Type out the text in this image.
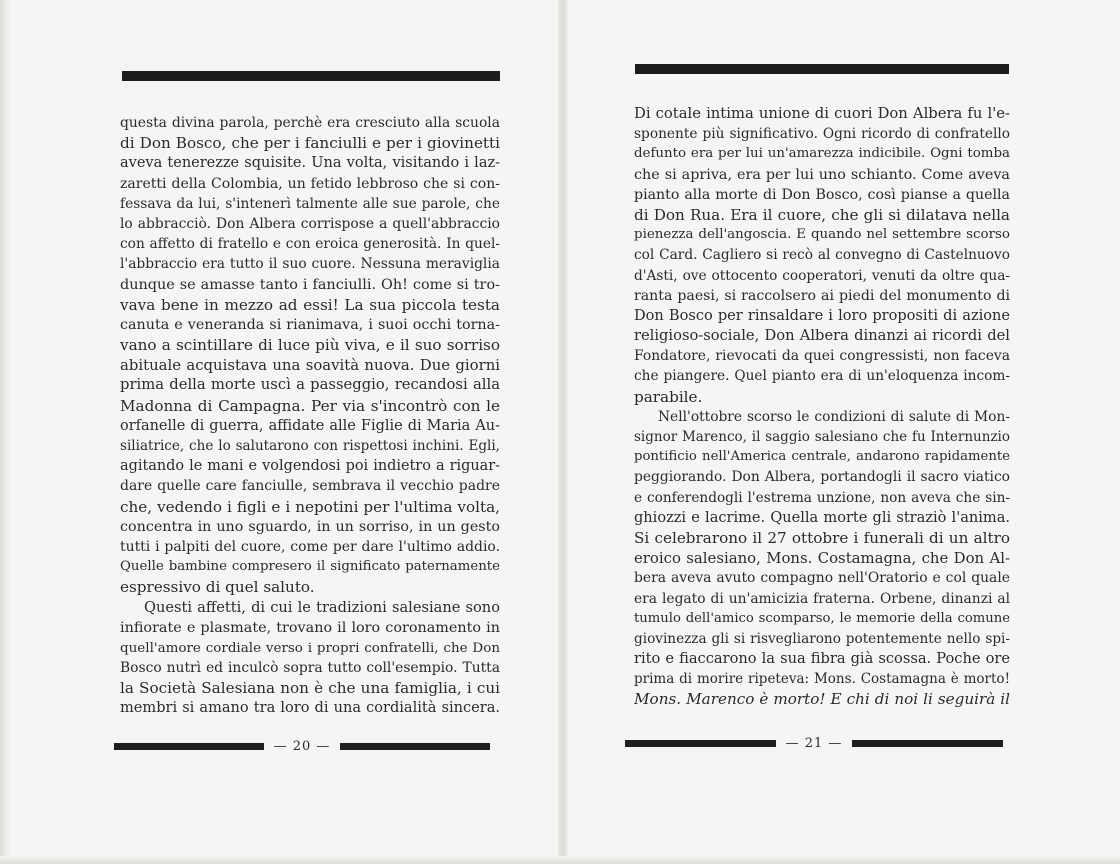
questa divina parola, perchè era cresciuto alla scuola
di Don Bosco, che per i fanciulli e per i giovinetti
aveva tenerezze squisite. Una volta, visitando i laz-
zaretti della Colombia, un fetido lebbroso che si con-
fessava da lui, s'intenerì talmente alle sue parole, che
lo abbracciò. Don Albera corrispose a quell'abbraccio
con affetto di fratello e con eroica generosità. In quel-
l'abbraccio era tutto il suo cuore. Nessuna meraviglia
dunque se amasse tanto i fanciulli. Oh! come si tro-
vava bene in mezzo ad essi! La sua piccola testa
canuta e veneranda si rianimava, i suoi occhi torna-
vano a scintillare di luce più viva, e il suo sorriso
abituale acquistava una soavità nuova. Due giorni
prima della morte uscì a passeggio, recandosi alla
Madonna di Campagna. Per via s'incontrò con le
orfanelle di guerra, affidate alle Figlie di Maria Au-
siliatrice, che lo salutarono con rispettosi inchini. Egli,
agitando le mani e volgendosi poi indietro a riguar-
dare quelle care fanciulle, sembrava il vecchio padre
che, vedendo i figli e i nepotini per l'ultima volta,
concentra in uno sguardo, in un sorriso, in un gesto
tutti i palpiti del cuore, come per dare l'ultimo addio.
Quelle bambine compresero il significato paternamente
espressivo di quel saluto.
Questi affetti, di cui le tradizioni salesiane sono
infiorate e plasmate, trovano il loro coronamento in
quell'amore cordiale verso i propri confratelli, che Don
Bosco nutrì ed inculcò sopra tutto coll'esempio. Tutta
la Società Salesiana non è che una famiglia, i cui
membri si amano tra loro di una cordialità sincera.
— 20 —
Di cotale intima unione di cuori Don Albera fu l'e-
sponente più significativo. Ogni ricordo di confratello
defunto era per lui un'amarezza indicibile. Ogni tomba
che si apriva, era per lui uno schianto. Come aveva
pianto alla morte di Don Bosco, così pianse a quella
di Don Rua. Era il cuore, che gli si dilatava nella
pienezza dell'angoscia. E quando nel settembre scorso
col Card. Cagliero si recò al convegno di Castelnuovo
d'Asti, ove ottocento cooperatori, venuti da oltre qua-
ranta paesi, si raccolsero ai piedi del monumento di
Don Bosco per rinsaldare i loro propositi di azione
religioso-sociale, Don Albera dinanzi ai ricordi del
Fondatore, rievocati da quei congressisti, non faceva
che piangere. Quel pianto era di un'eloquenza incom-
parabile.
Nell'ottobre scorso le condizioni di salute di Mon-
signor Marenco, il saggio salesiano che fu Internunzio
pontificio nell'America centrale, andarono rapidamente
peggiorando. Don Albera, portandogli il sacro viatico
e conferendogli l'estrema unzione, non aveva che sin-
ghiozzi e lacrime. Quella morte gli straziò l'anima.
Si celebrarono il 27 ottobre i funerali di un altro
eroico salesiano, Mons. Costamagna, che Don Al-
bera aveva avuto compagno nell'Oratorio e col quale
era legato di un'amicizia fraterna. Orbene, dinanzi al
tumulo dell'amico scomparso, le memorie della comune
giovinezza gli si risvegliarono potentemente nello spi-
rito e fiaccarono la sua fibra già scossa. Poche ore
prima di morire ripeteva: Mons. Costamagna è morto!
Mons. Marenco è morto! E chi di noi li seguirà il
— 21 —
